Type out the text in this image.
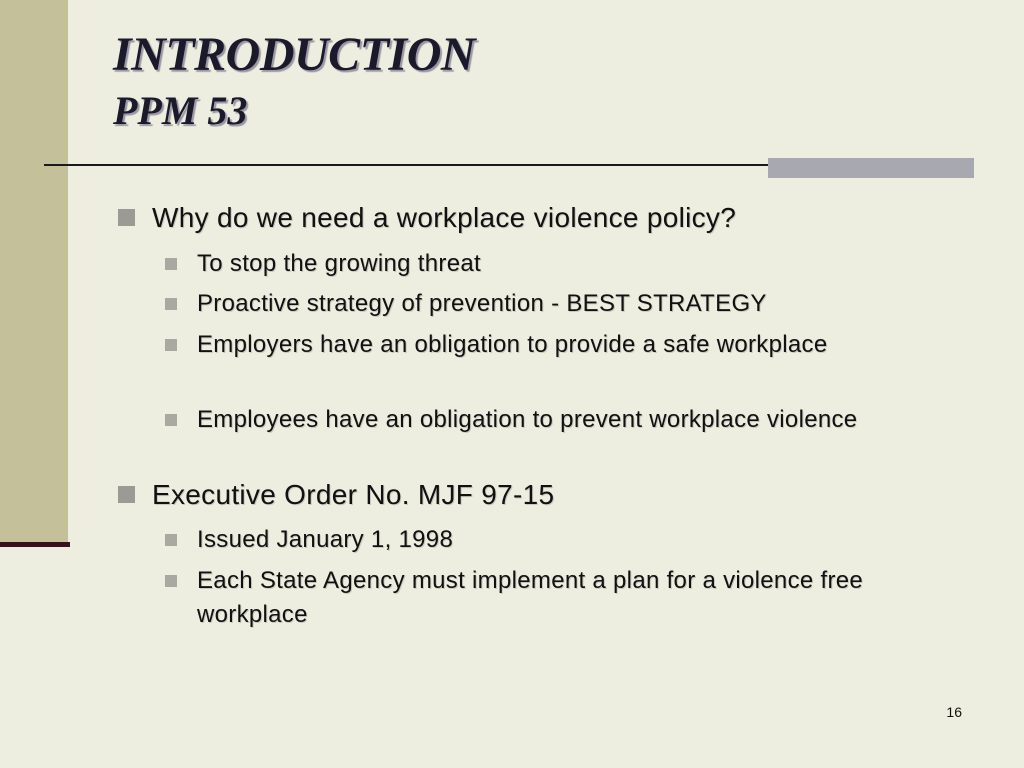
INTRODUCTION
PPM 53
Why do we need a workplace violence policy?
To stop the growing threat
Proactive strategy of prevention - BEST STRATEGY
Employers have an obligation to provide a safe workplace
Employees have an obligation to prevent workplace violence
Executive Order No. MJF 97-15
Issued January 1, 1998
Each State Agency must implement a plan for a violence free workplace
16
